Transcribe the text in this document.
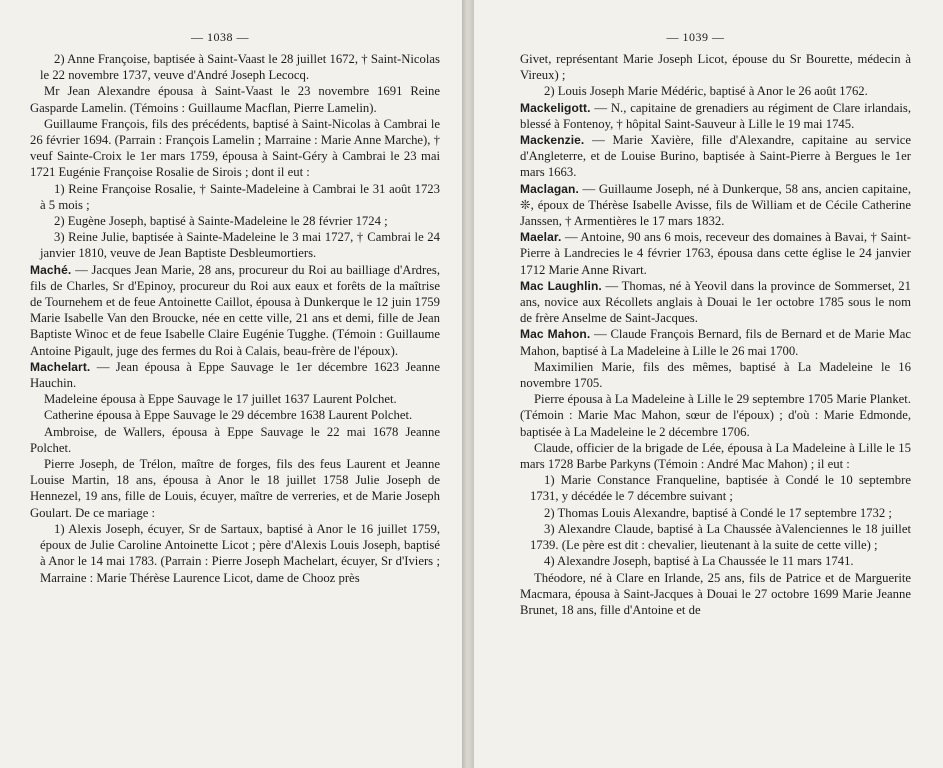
— 1038 —

2) Anne Françoise, baptisée à Saint-Vaast le 28 juillet 1672, † Saint-Nicolas le 22 novembre 1737, veuve d'André Joseph Lecocq.

Mr Jean Alexandre épousa à Saint-Vaast le 23 novembre 1691 Reine Gasparde Lamelin. (Témoins : Guillaume Macflan, Pierre Lamelin).

Guillaume François, fils des précédents, baptisé à Saint-Nicolas à Cambrai le 26 février 1694. (Parrain : François Lamelin ; Marraine : Marie Anne Marche), † veuf Sainte-Croix le 1er mars 1759, épousa à Saint-Géry à Cambrai le 23 mai 1721 Eugénie Françoise Rosalie de Sirois ; dont il eut :

1) Reine Françoise Rosalie, † Sainte-Madeleine à Cambrai le 31 août 1723 à 5 mois ;

2) Eugène Joseph, baptisé à Sainte-Madeleine le 28 février 1724 ;

3) Reine Julie, baptisée à Sainte-Madeleine le 3 mai 1727, † Cambrai le 24 janvier 1810, veuve de Jean Baptiste Desbleumortiers.

Maché. — Jacques Jean Marie, 28 ans, procureur du Roi au bailliage d'Ardres, fils de Charles, Sr d'Epinoy, procureur du Roi aux eaux et forêts de la maîtrise de Tournehem et de feue Antoinette Caillot, épousa à Dunkerque le 12 juin 1759 Marie Isabelle Van den Broucke, née en cette ville, 21 ans et demi, fille de Jean Baptiste Winoc et de feue Isabelle Claire Eugénie Tugghe. (Témoin : Guillaume Antoine Pigault, juge des fermes du Roi à Calais, beau-frère de l'époux).

Machelart. — Jean épousa à Eppe Sauvage le 1er décembre 1623 Jeanne Hauchin.

Madeleine épousa à Eppe Sauvage le 17 juillet 1637 Laurent Polchet.

Catherine épousa à Eppe Sauvage le 29 décembre 1638 Laurent Polchet.

Ambroise, de Wallers, épousa à Eppe Sauvage le 22 mai 1678 Jeanne Polchet.

Pierre Joseph, de Trélon, maître de forges, fils des feus Laurent et Jeanne Louise Martin, 18 ans, épousa à Anor le 18 juillet 1758 Julie Joseph de Hennezel, 19 ans, fille de Louis, écuyer, maître de verreries, et de Marie Joseph Goulart. De ce mariage :

1) Alexis Joseph, écuyer, Sr de Sartaux, baptisé à Anor le 16 juillet 1759, époux de Julie Caroline Antoinette Licot ; père d'Alexis Louis Joseph, baptisé à Anor le 14 mai 1783. (Parrain : Pierre Joseph Machelart, écuyer, Sr d'Iviers ; Marraine : Marie Thérèse Laurence Licot, dame de Chooz près

— 1039 —

Givet, représentant Marie Joseph Licot, épouse du Sr Bourette, médecin à Vireux) ;

2) Louis Joseph Marie Médéric, baptisé à Anor le 26 août 1762.

Mackeligott. — N., capitaine de grenadiers au régiment de Clare irlandais, blessé à Fontenoy, † hôpital Saint-Sauveur à Lille le 19 mai 1745.

Mackenzie. — Marie Xavière, fille d'Alexandre, capitaine au service d'Angleterre, et de Louise Burino, baptisée à Saint-Pierre à Bergues le 1er mars 1663.

Maclagan. — Guillaume Joseph, né à Dunkerque, 58 ans, ancien capitaine, ❊, époux de Thérèse Isabelle Avisse, fils de William et de Cécile Catherine Janssen, † Armentières le 17 mars 1832.

Maelar. — Antoine, 90 ans 6 mois, receveur des domaines à Bavai, † Saint-Pierre à Landrecies le 4 février 1763, épousa dans cette église le 24 janvier 1712 Marie Anne Rivart.

Mac Laughlin. — Thomas, né à Yeovil dans la province de Sommerset, 21 ans, novice aux Récollets anglais à Douai le 1er octobre 1785 sous le nom de frère Anselme de Saint-Jacques.

Mac Mahon. — Claude François Bernard, fils de Bernard et de Marie Mac Mahon, baptisé à La Madeleine à Lille le 26 mai 1700.

Maximilien Marie, fils des mêmes, baptisé à La Madeleine le 16 novembre 1705.

Pierre épousa à La Madeleine à Lille le 29 septembre 1705 Marie Planket. (Témoin : Marie Mac Mahon, sœur de l'époux) ; d'où : Marie Edmonde, baptisée à La Madeleine le 2 décembre 1706.

Claude, officier de la brigade de Lée, épousa à La Madeleine à Lille le 15 mars 1728 Barbe Parkyns (Témoin : André Mac Mahon) ; il eut :

1) Marie Constance Franqueline, baptisée à Condé le 10 septembre 1731, y décédée le 7 décembre suivant ;

2) Thomas Louis Alexandre, baptisé à Condé le 17 septembre 1732 ;

3) Alexandre Claude, baptisé à La Chaussée àValenciennes le 18 juillet 1739. (Le père est dit : chevalier, lieutenant à la suite de cette ville) ;

4) Alexandre Joseph, baptisé à La Chaussée le 11 mars 1741.

Théodore, né à Clare en Irlande, 25 ans, fils de Patrice et de Marguerite Macmara, épousa à Saint-Jacques à Douai le 27 octobre 1699 Marie Jeanne Brunet, 18 ans, fille d'Antoine et de
